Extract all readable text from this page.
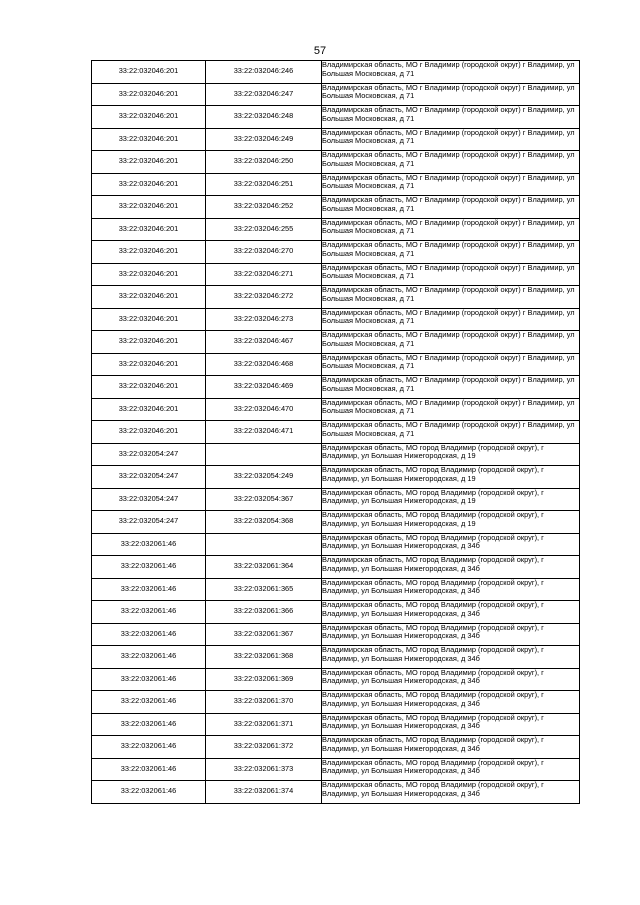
57
33:22:032046:201	33:22:032046:246	Владимирская область, МО г Владимир (городской округ) г Владимир, ул Большая Московская, д 71
33:22:032046:201	33:22:032046:247	Владимирская область, МО г Владимир (городской округ) г Владимир, ул Большая Московская, д 71
33:22:032046:201	33:22:032046:248	Владимирская область, МО г Владимир (городской округ) г Владимир, ул Большая Московская, д 71
33:22:032046:201	33:22:032046:249	Владимирская область, МО г Владимир (городской округ) г Владимир, ул Большая Московская, д 71
33:22:032046:201	33:22:032046:250	Владимирская область, МО г Владимир (городской округ) г Владимир, ул Большая Московская, д 71
33:22:032046:201	33:22:032046:251	Владимирская область, МО г Владимир (городской округ) г Владимир, ул Большая Московская, д 71
33:22:032046:201	33:22:032046:252	Владимирская область, МО г Владимир (городской округ) г Владимир, ул Большая Московская, д 71
33:22:032046:201	33:22:032046:255	Владимирская область, МО г Владимир (городской округ) г Владимир, ул Большая Московская, д 71
33:22:032046:201	33:22:032046:270	Владимирская область, МО г Владимир (городской округ) г Владимир, ул Большая Московская, д 71
33:22:032046:201	33:22:032046:271	Владимирская область, МО г Владимир (городской округ) г Владимир, ул Большая Московская, д 71
33:22:032046:201	33:22:032046:272	Владимирская область, МО г Владимир (городской округ) г Владимир, ул Большая Московская, д 71
33:22:032046:201	33:22:032046:273	Владимирская область, МО г Владимир (городской округ) г Владимир, ул Большая Московская, д 71
33:22:032046:201	33:22:032046:467	Владимирская область, МО г Владимир (городской округ) г Владимир, ул Большая Московская, д 71
33:22:032046:201	33:22:032046:468	Владимирская область, МО г Владимир (городской округ) г Владимир, ул Большая Московская, д 71
33:22:032046:201	33:22:032046:469	Владимирская область, МО г Владимир (городской округ) г Владимир, ул Большая Московская, д 71
33:22:032046:201	33:22:032046:470	Владимирская область, МО г Владимир (городской округ) г Владимир, ул Большая Московская, д 71
33:22:032046:201	33:22:032046:471	Владимирская область, МО г Владимир (городской округ) г Владимир, ул Большая Московская, д 71
33:22:032054:247		Владимирская область, МО город Владимир (городской округ), г Владимир, ул Большая Нижегородская, д 19
33:22:032054:247	33:22:032054:249	Владимирская область, МО город Владимир (городской округ), г Владимир, ул Большая Нижегородская, д 19
33:22:032054:247	33:22:032054:367	Владимирская область, МО город Владимир (городской округ), г Владимир, ул Большая Нижегородская, д 19
33:22:032054:247	33:22:032054:368	Владимирская область, МО город Владимир (городской округ), г Владимир, ул Большая Нижегородская, д 19
33:22:032061:46		Владимирская область, МО город Владимир (городской округ), г Владимир, ул Большая Нижегородская, д 34б
33:22:032061:46	33:22:032061:364	Владимирская область, МО город Владимир (городской округ), г Владимир, ул Большая Нижегородская, д 34б
33:22:032061:46	33:22:032061:365	Владимирская область, МО город Владимир (городской округ), г Владимир, ул Большая Нижегородская, д 34б
33:22:032061:46	33:22:032061:366	Владимирская область, МО город Владимир (городской округ), г Владимир, ул Большая Нижегородская, д 34б
33:22:032061:46	33:22:032061:367	Владимирская область, МО город Владимир (городской округ), г Владимир, ул Большая Нижегородская, д 34б
33:22:032061:46	33:22:032061:368	Владимирская область, МО город Владимир (городской округ), г Владимир, ул Большая Нижегородская, д 34б
33:22:032061:46	33:22:032061:369	Владимирская область, МО город Владимир (городской округ), г Владимир, ул Большая Нижегородская, д 34б
33:22:032061:46	33:22:032061:370	Владимирская область, МО город Владимир (городской округ), г Владимир, ул Большая Нижегородская, д 34б
33:22:032061:46	33:22:032061:371	Владимирская область, МО город Владимир (городской округ), г Владимир, ул Большая Нижегородская, д 34б
33:22:032061:46	33:22:032061:372	Владимирская область, МО город Владимир (городской округ), г Владимир, ул Большая Нижегородская, д 34б
33:22:032061:46	33:22:032061:373	Владимирская область, МО город Владимир (городской округ), г Владимир, ул Большая Нижегородская, д 34б
33:22:032061:46	33:22:032061:374	Владимирская область, МО город Владимир (городской округ), г Владимир, ул Большая Нижегородская, д 34б
